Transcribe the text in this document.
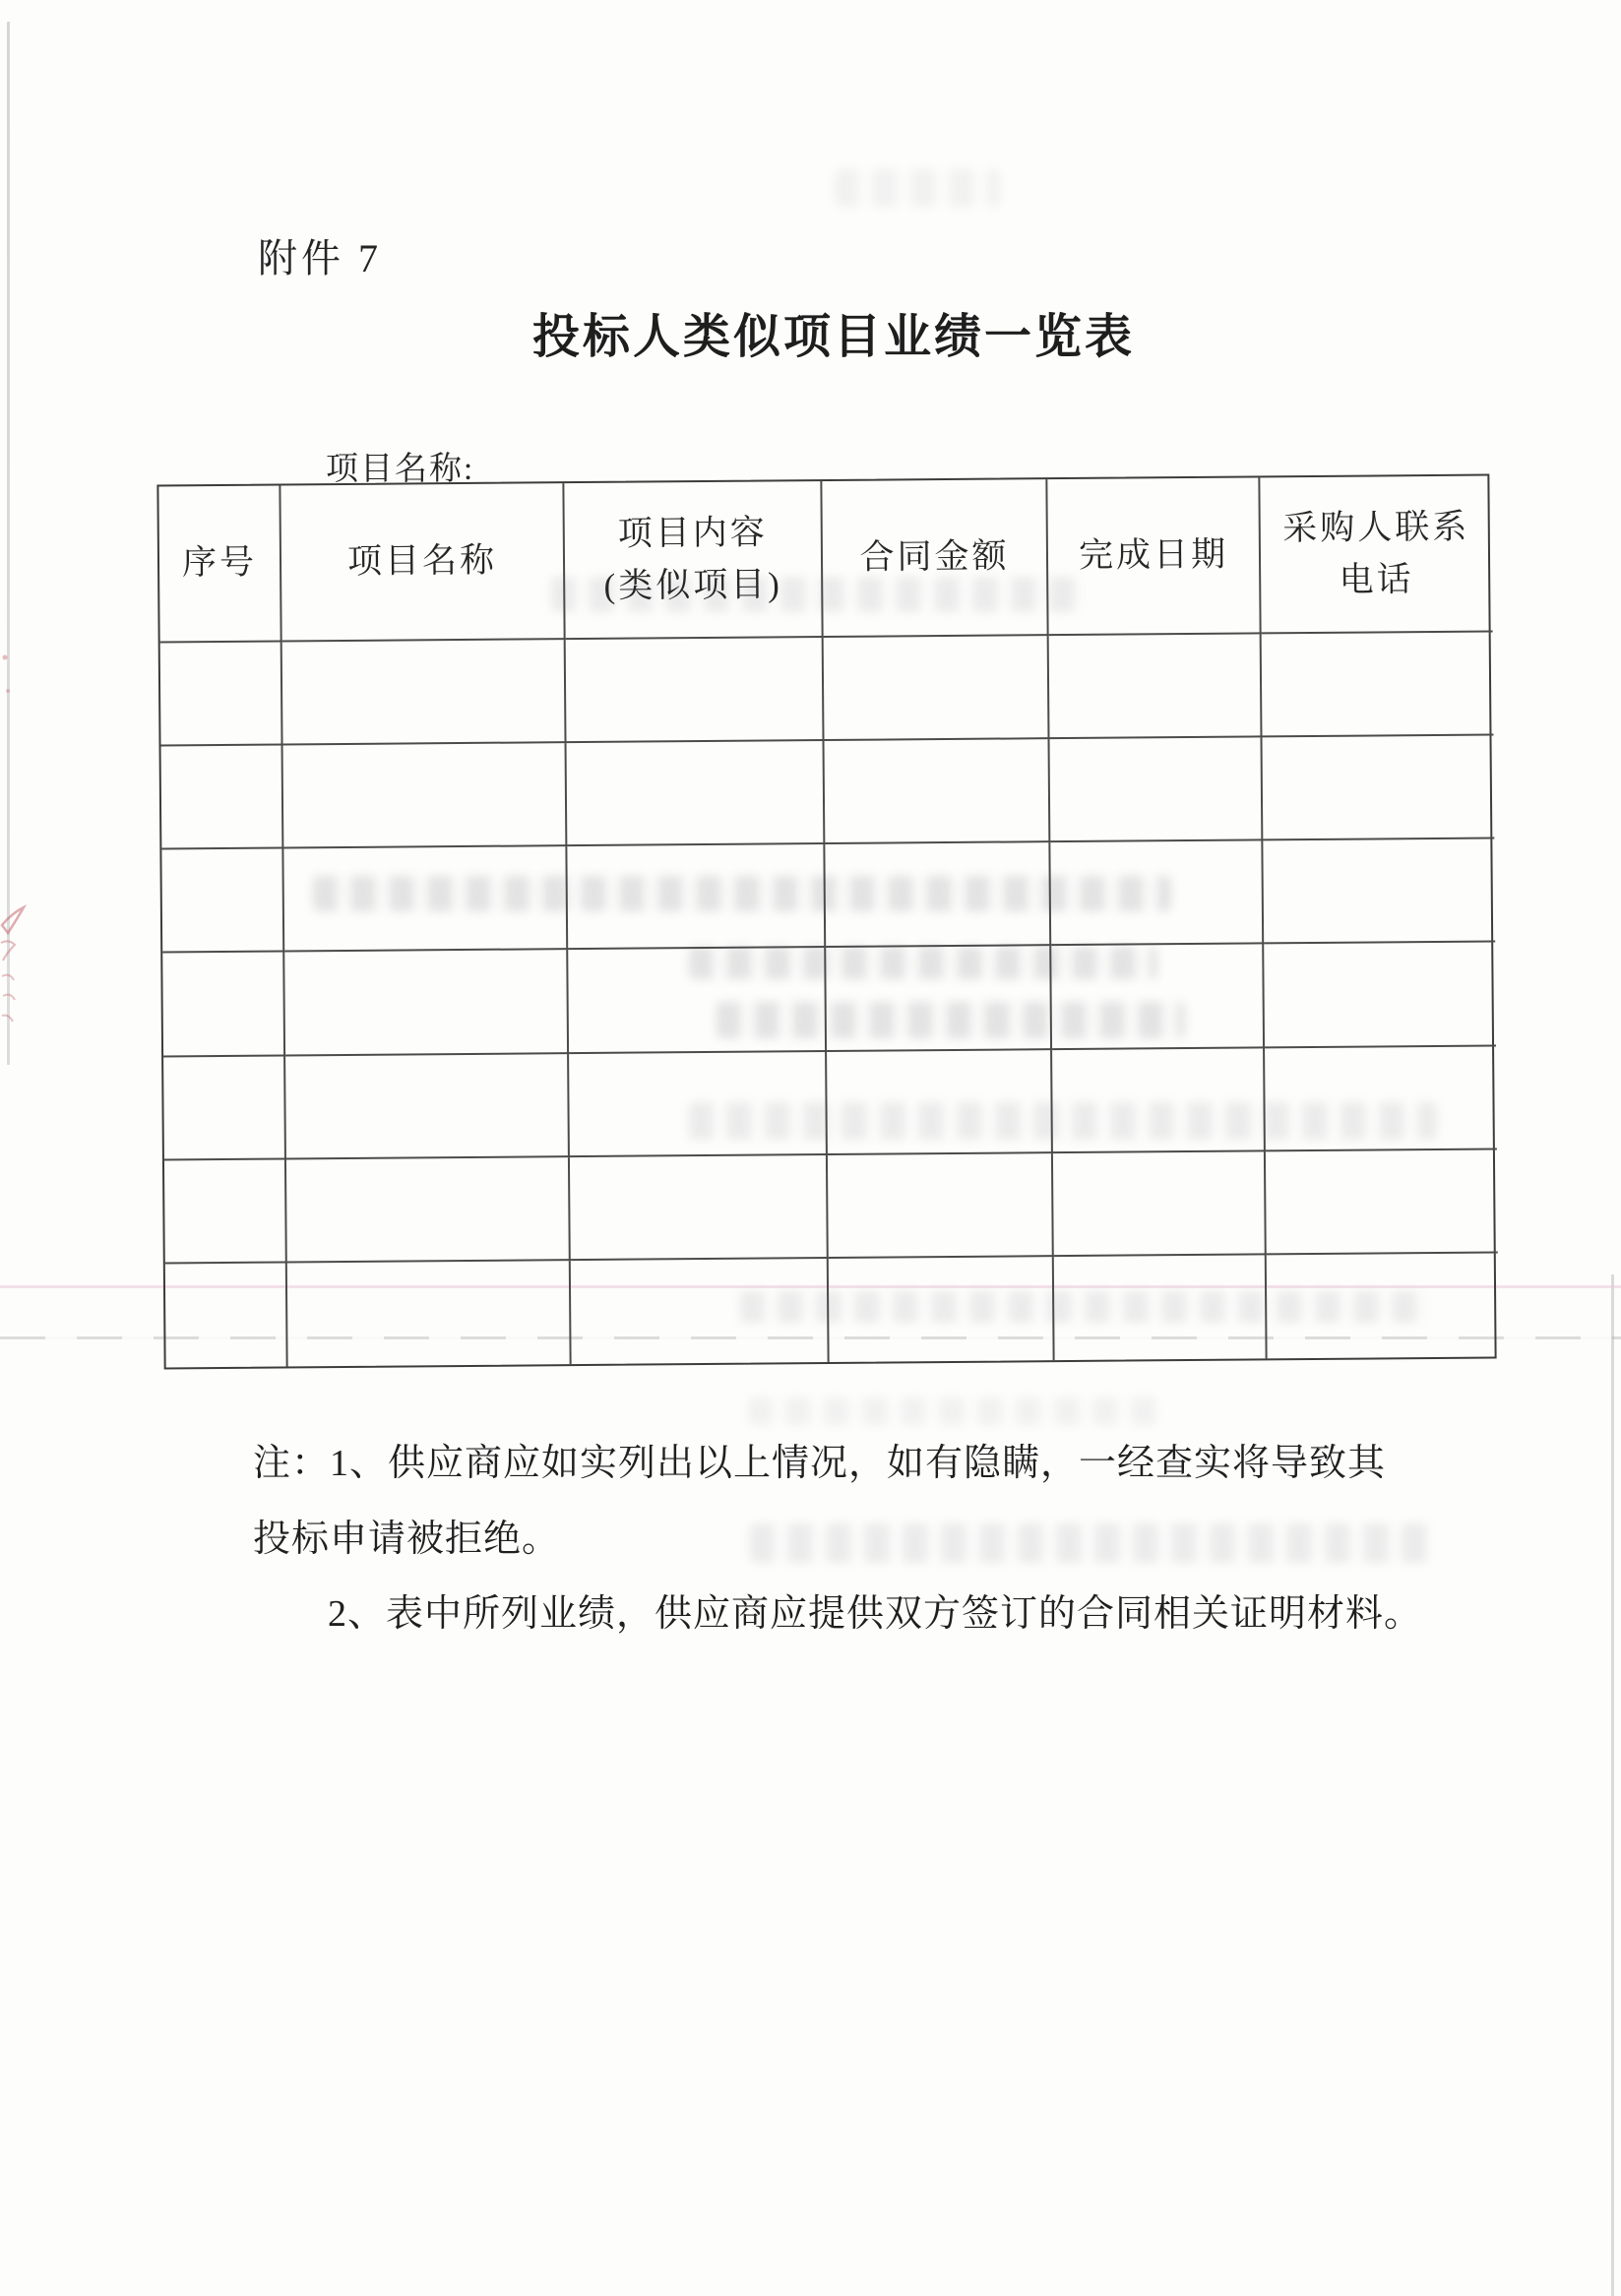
附件 7
投标人类似项目业绩一览表
项目名称:
序号	项目名称
项目内容
(类似项目)
合同金额	完成日期
采购人联系
电话
注：1、供应商应如实列出以上情况，如有隐瞒，一经查实将导致其
投标申请被拒绝。
2、表中所列业绩，供应商应提供双方签订的合同相关证明材料。
